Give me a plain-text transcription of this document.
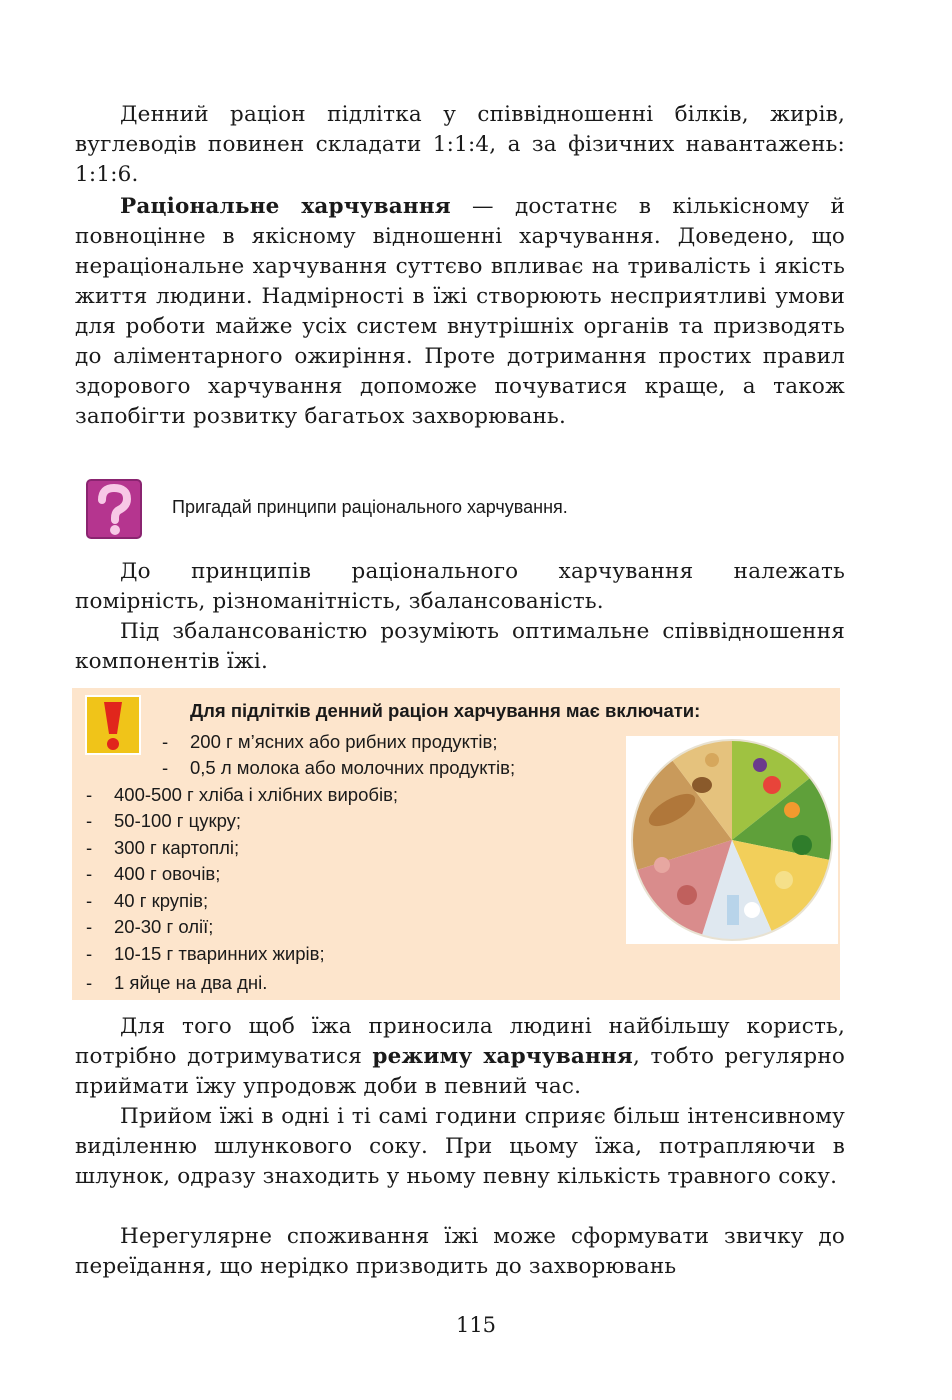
Денний раціон підлітка у співвідношенні білків, жирів, вуглеводів повинен складати 1:1:4, а за фізичних навантажень: 1:1:6.

Раціональне харчування — достатнє в кількісному й повноцінне в якісному відношенні харчування. Доведено, що нераціональне харчування суттєво впливає на тривалість і якість життя людини. Надмірності в їжі створюють несприятливі умови для роботи майже усіх систем внутрішніх органів та призводять до аліментарного ожиріння. Проте дотримання простих правил здорового харчування допоможе почуватися краще, а також запобігти розвитку багатьох захворювань.

Пригадай принципи раціонального харчування.

До принципів раціонального харчування належать помірність, різноманітність, збалансованість.

Під збалансованістю розуміють оптимальне співвідношення компонентів їжі.

Для підлітків денний раціон харчування має включати:
- 200 г м’ясних або рибних продуктів;
- 0,5 л молока або молочних продуктів;
- 400-500 г хліба і хлібних виробів;
- 50-100 г цукру;
- 300 г картоплі;
- 400 г овочів;
- 40 г крупів;
- 20-30 г олії;
- 10-15 г тваринних жирів;
- 1 яйце на два дні.

Для того щоб їжа приносила людині найбільшу користь, потрібно дотримуватися режиму харчування, тобто регулярно приймати їжу упродовж доби в певний час.

Прийом їжі в одні і ті самі години сприяє більш інтенсивному виділенню шлункового соку. При цьому їжа, потрапляючи в шлунок, одразу знаходить у ньому певну кількість травного соку.

Нерегулярне споживання їжі може сформувати звичку до переїдання, що нерідко призводить до захворювань

115
